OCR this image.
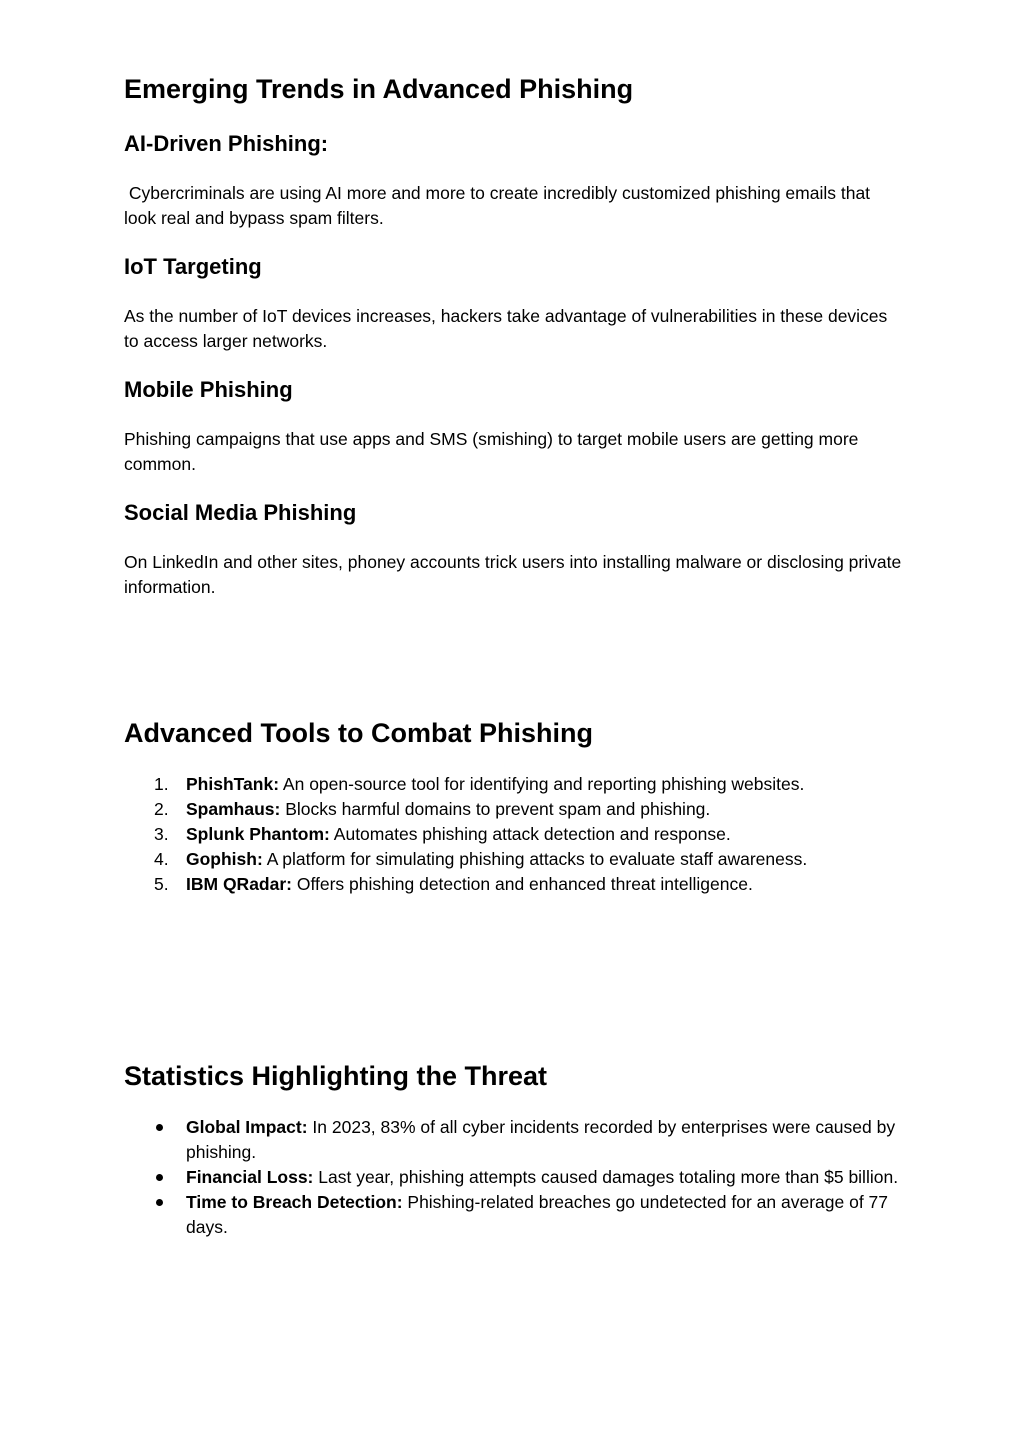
Emerging Trends in Advanced Phishing
AI-Driven Phishing:

Cybercriminals are using AI more and more to create incredibly customized phishing emails that look real and bypass spam filters.

IoT Targeting

As the number of IoT devices increases, hackers take advantage of vulnerabilities in these devices to access larger networks.

Mobile Phishing

Phishing campaigns that use apps and SMS (smishing) to target mobile users are getting more common.

Social Media Phishing

On LinkedIn and other sites, phoney accounts trick users into installing malware or disclosing private information.

Advanced Tools to Combat Phishing
1. PhishTank: An open-source tool for identifying and reporting phishing websites.
2. Spamhaus: Blocks harmful domains to prevent spam and phishing.
3. Splunk Phantom: Automates phishing attack detection and response.
4. Gophish: A platform for simulating phishing attacks to evaluate staff awareness.
5. IBM QRadar: Offers phishing detection and enhanced threat intelligence.
Statistics Highlighting the Threat
Global Impact: In 2023, 83% of all cyber incidents recorded by enterprises were caused by phishing.
Financial Loss: Last year, phishing attempts caused damages totaling more than $5 billion.
Time to Breach Detection: Phishing-related breaches go undetected for an average of 77 days.
